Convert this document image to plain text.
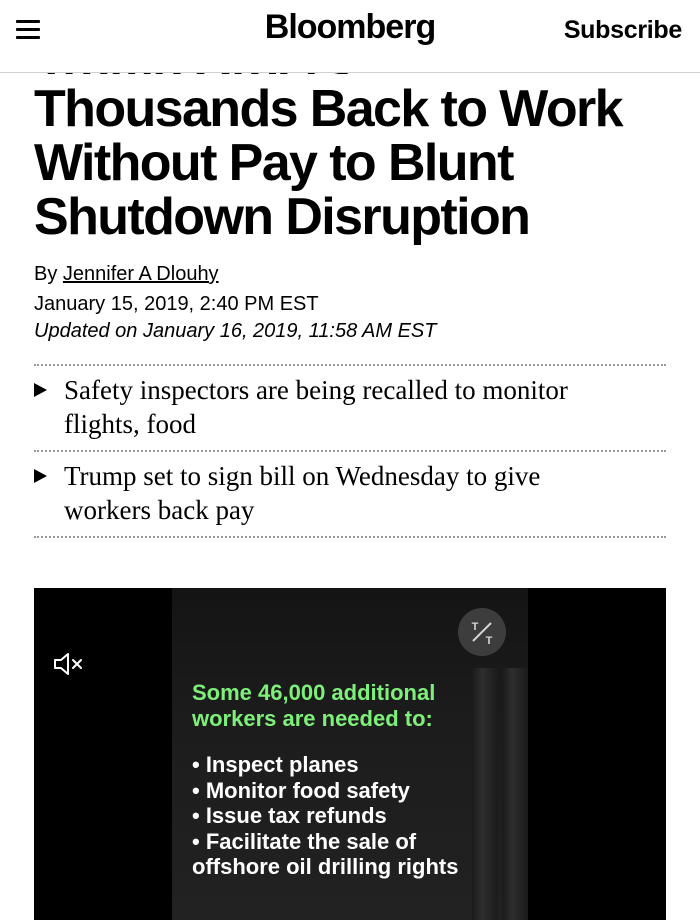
Bloomberg	Subscribe
Thousands Back to Work
Without Pay to Blunt
Shutdown Disruption
By Jennifer A Dlouhy
January 15, 2019, 2:40 PM EST
Updated on January 16, 2019, 11:58 AM EST
Safety inspectors are being recalled to monitor
flights, food
Trump set to sign bill on Wednesday to give
workers back pay
T
T
Some 46,000 additional
workers are needed to:
• Inspect planes
• Monitor food safety
• Issue tax refunds
• Facilitate the sale of
offshore oil drilling rights
